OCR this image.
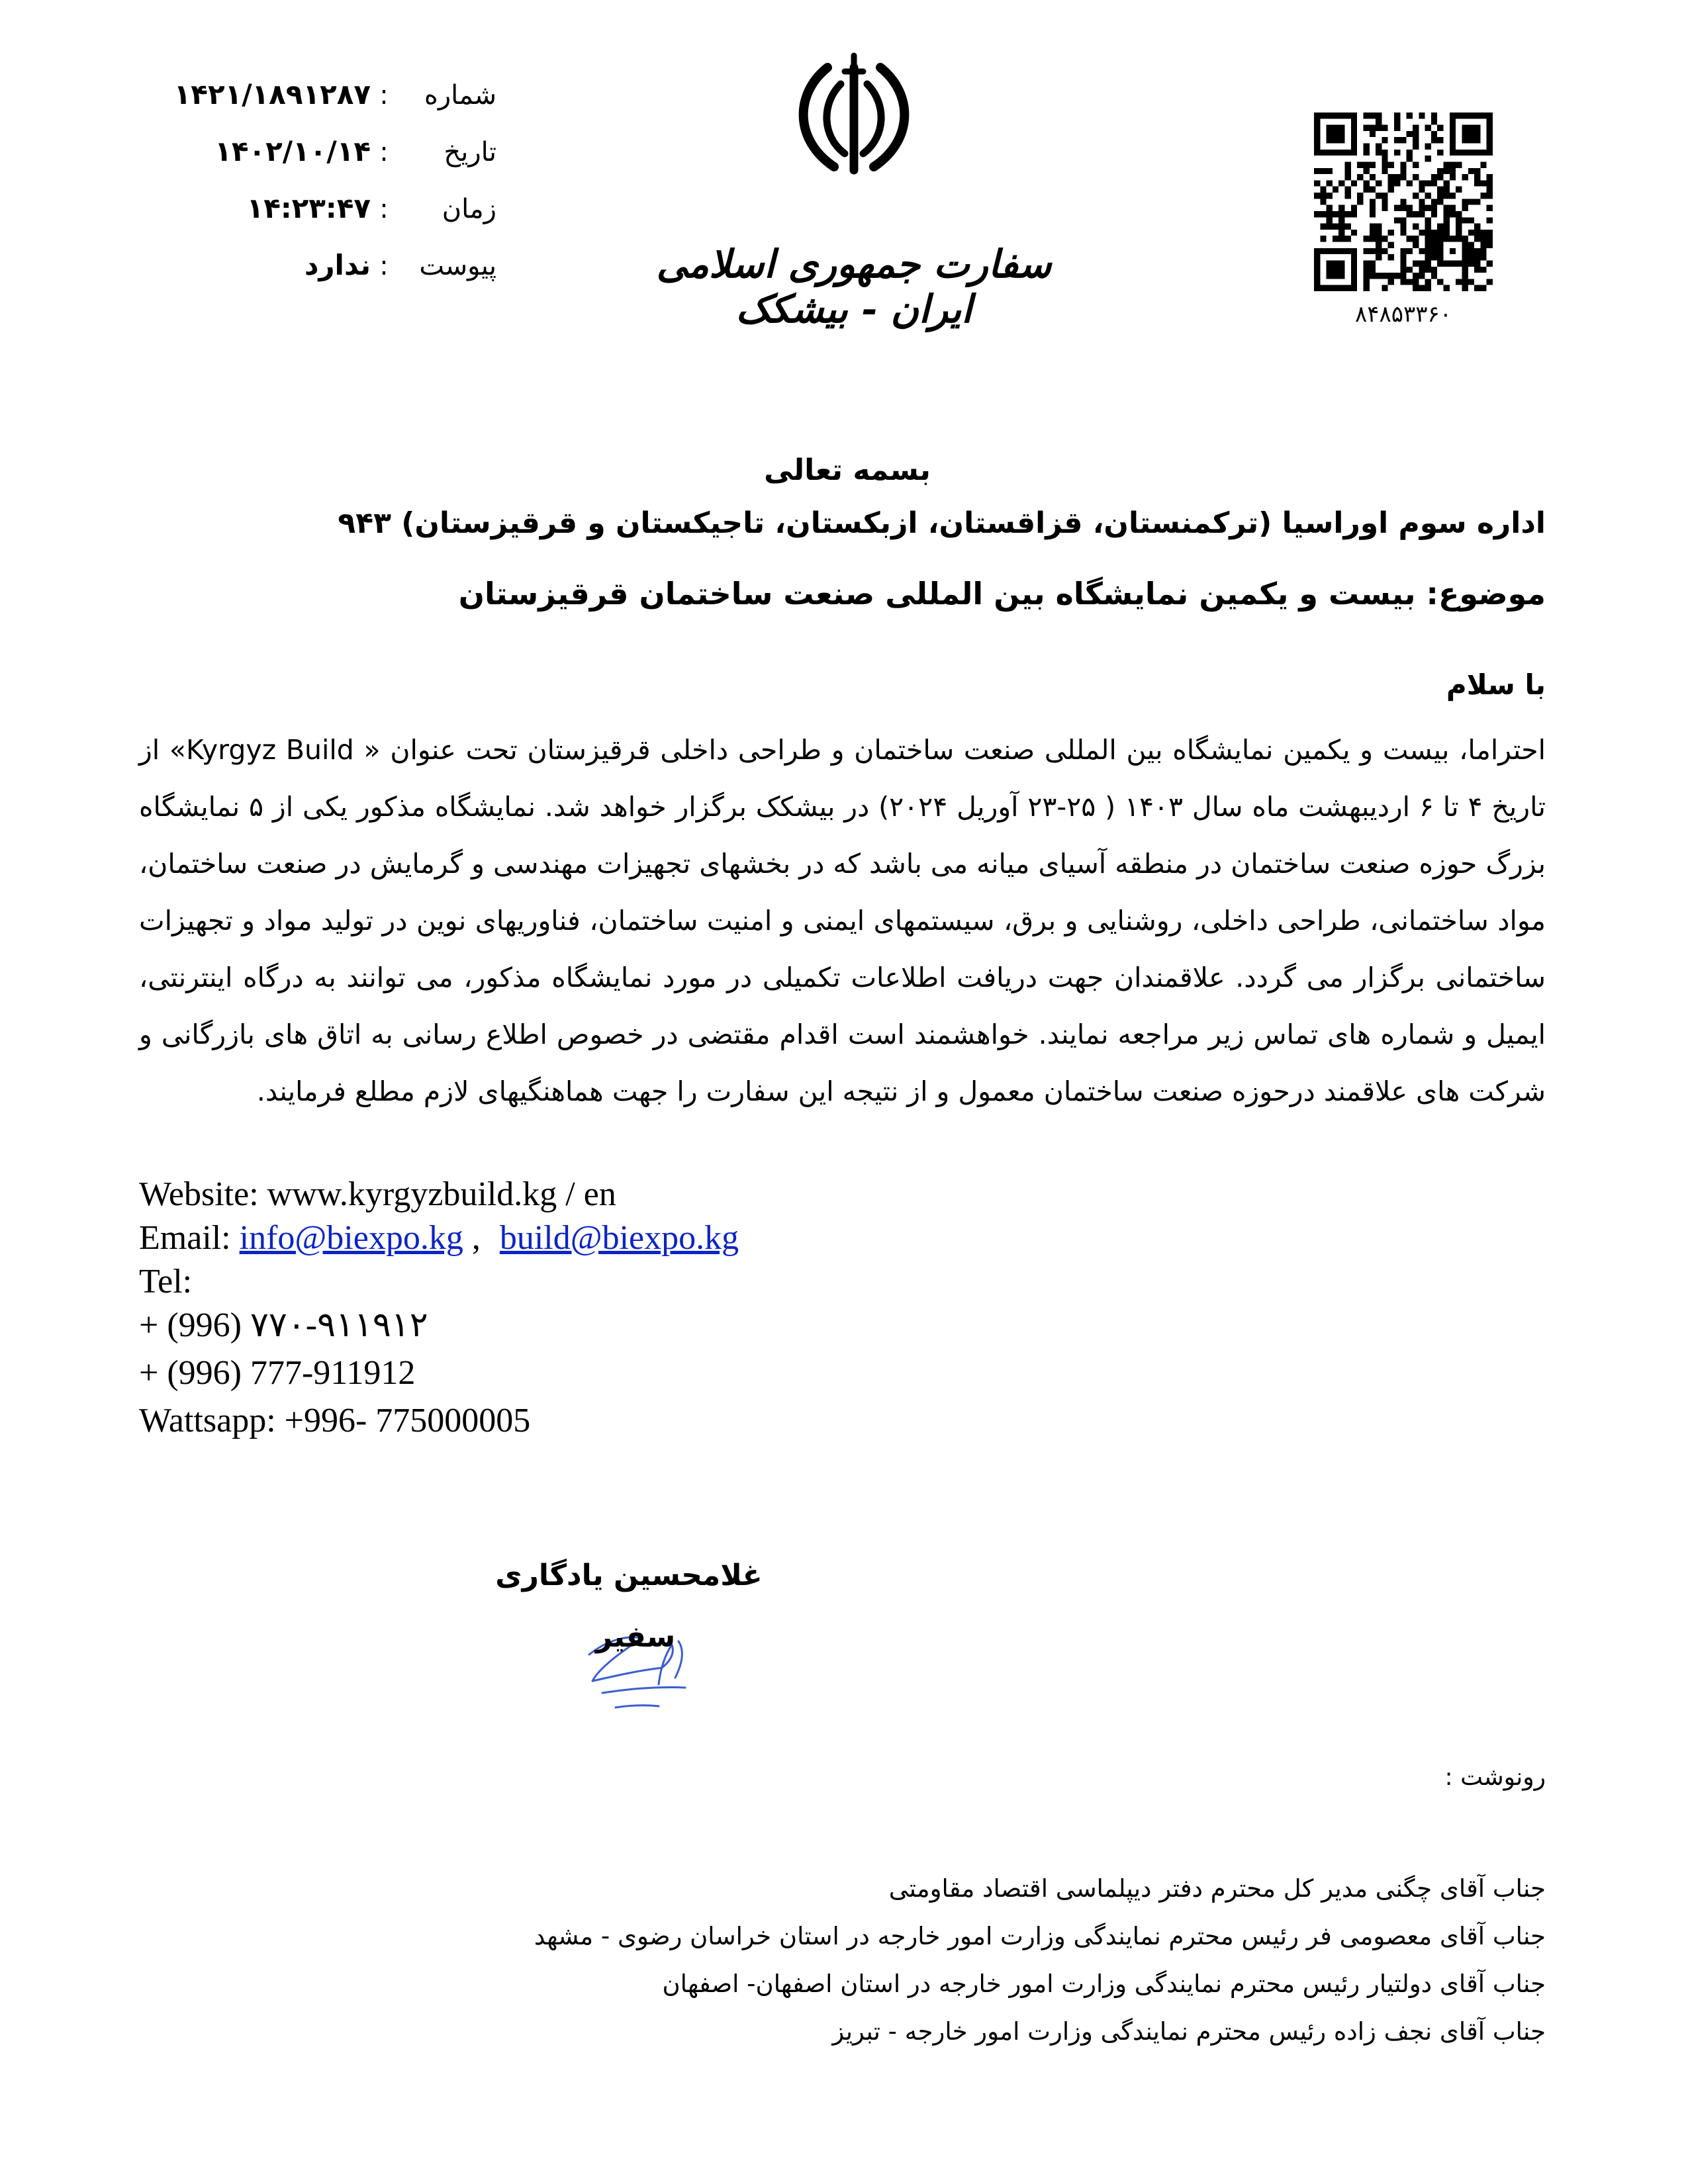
شماره
:
۱۴۲۱/۱۸۹۱۲۸۷
تاریخ
:
۱۴۰۲/۱۰/۱۴
زمان
:
۱۴:۲۳:۴۷
پیوست
:
ندارد	سفارت جمهوری اسلامی ایران - بیشکک	۸۴۸۵۳۳۶۰
بسمه تعالی
اداره سوم اوراسیا (ترکمنستان، قزاقستان، ازبکستان، تاجیکستان و قرقیزستان) ۹۴۳
موضوع: بیست و یکمین نمایشگاه بین المللی صنعت ساختمان قرقیزستان
با سلام
احتراما، بیست و یکمین نمایشگاه بین المللی صنعت ساختمان و طراحی داخلی قرقیزستان تحت عنوان « Kyrgyz Build» از تاریخ ۴ تا ۶ اردیبهشت ماه سال ۱۴۰۳ ( ۲۵-۲۳ آوریل ۲۰۲۴) در بیشکک برگزار خواهد شد. نمایشگاه مذکور یکی از ۵ نمایشگاه بزرگ حوزه صنعت ساختمان در منطقه آسیای میانه می باشد که در بخشهای تجهیزات مهندسی و گرمایش در صنعت ساختمان، مواد ساختمانی، طراحی داخلی، روشنایی و برق، سیستمهای ایمنی و امنیت ساختمان، فناوریهای نوین در تولید مواد و تجهیزات ساختمانی برگزار می گردد. علاقمندان جهت دریافت اطلاعات تکمیلی در مورد نمایشگاه مذکور، می توانند به درگاه اینترنتی، ایمیل و شماره های تماس زیر مراجعه نمایند. خواهشمند است اقدام مقتضی در خصوص اطلاع رسانی به اتاق های بازرگانی و شرکت های علاقمند درحوزه صنعت ساختمان معمول و از نتیجه این سفارت را جهت هماهنگیهای لازم مطلع فرمایند.
Website: www.kyrgyzbuild.kg / en
Email: info@biexpo.kg , build@biexpo.kg
Tel:
+ (996) ۷۷۰-۹۱۱۹۱۲
+ (996) 777-911912
Wattsapp: +996- 775000005
غلامحسین یادگاری
سفیر
رونوشت :
جناب آقای چگنی مدیر کل محترم دفتر دیپلماسی اقتصاد مقاومتی
جناب آقای معصومی فر رئیس محترم نمایندگی وزارت امور خارجه در استان خراسان رضوی - مشهد
جناب آقای دولتیار رئیس محترم نمایندگی وزارت امور خارجه در استان اصفهان- اصفهان
جناب آقای نجف زاده رئیس محترم نمایندگی وزارت امور خارجه - تبریز
